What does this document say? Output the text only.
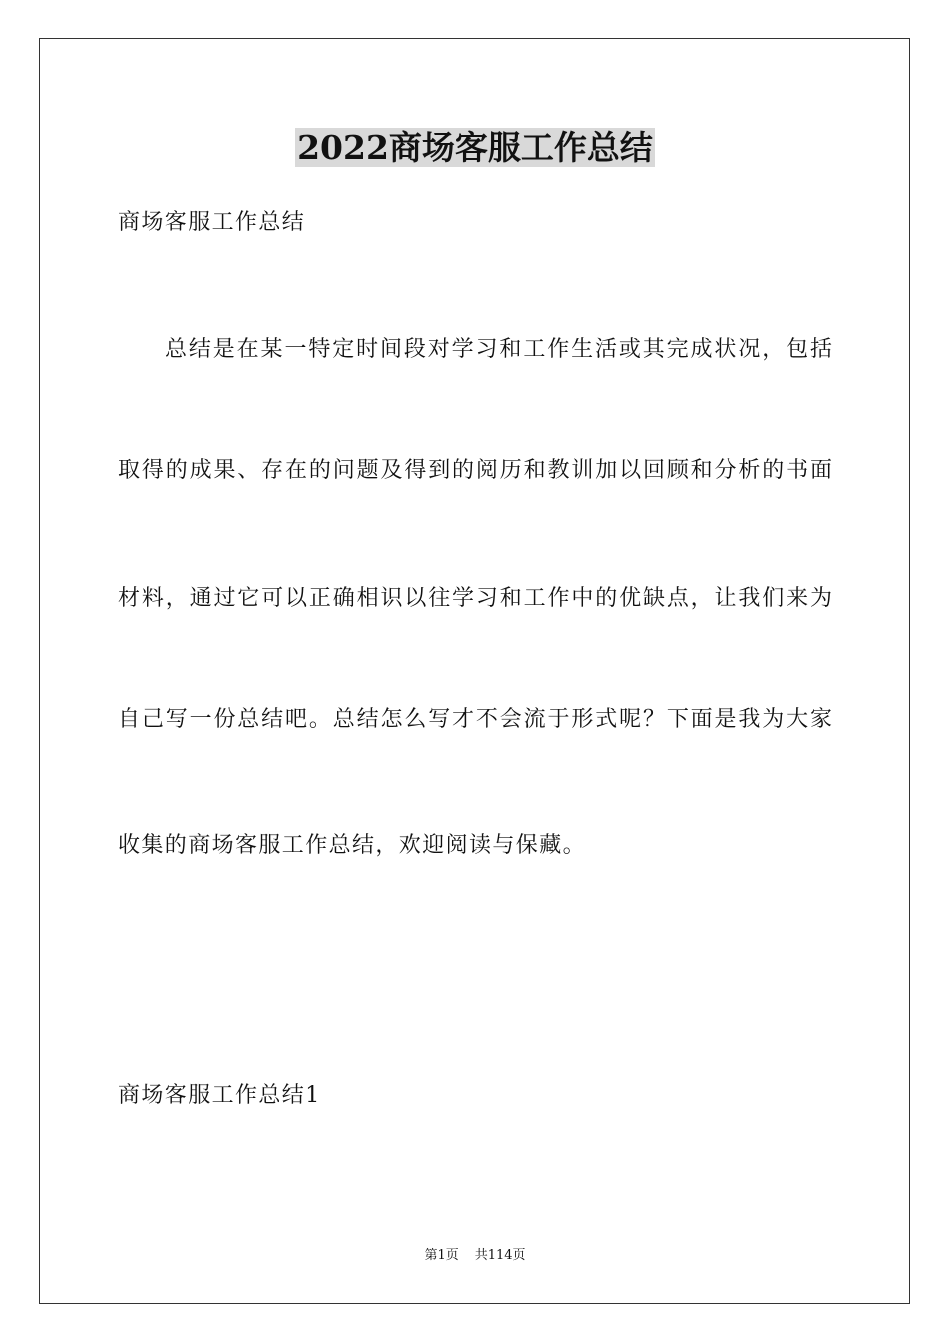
2022商场客服工作总结
商场客服工作总结
总结是在某一特定时间段对学习和工作生活或其完成状况，包括
取得的成果、存在的问题及得到的阅历和教训加以回顾和分析的书面
材料，通过它可以正确相识以往学习和工作中的优缺点，让我们来为
自己写一份总结吧。总结怎么写才不会流于形式呢？下面是我为大家
收集的商场客服工作总结，欢迎阅读与保藏。
商场客服工作总结1
第1页 共114页
